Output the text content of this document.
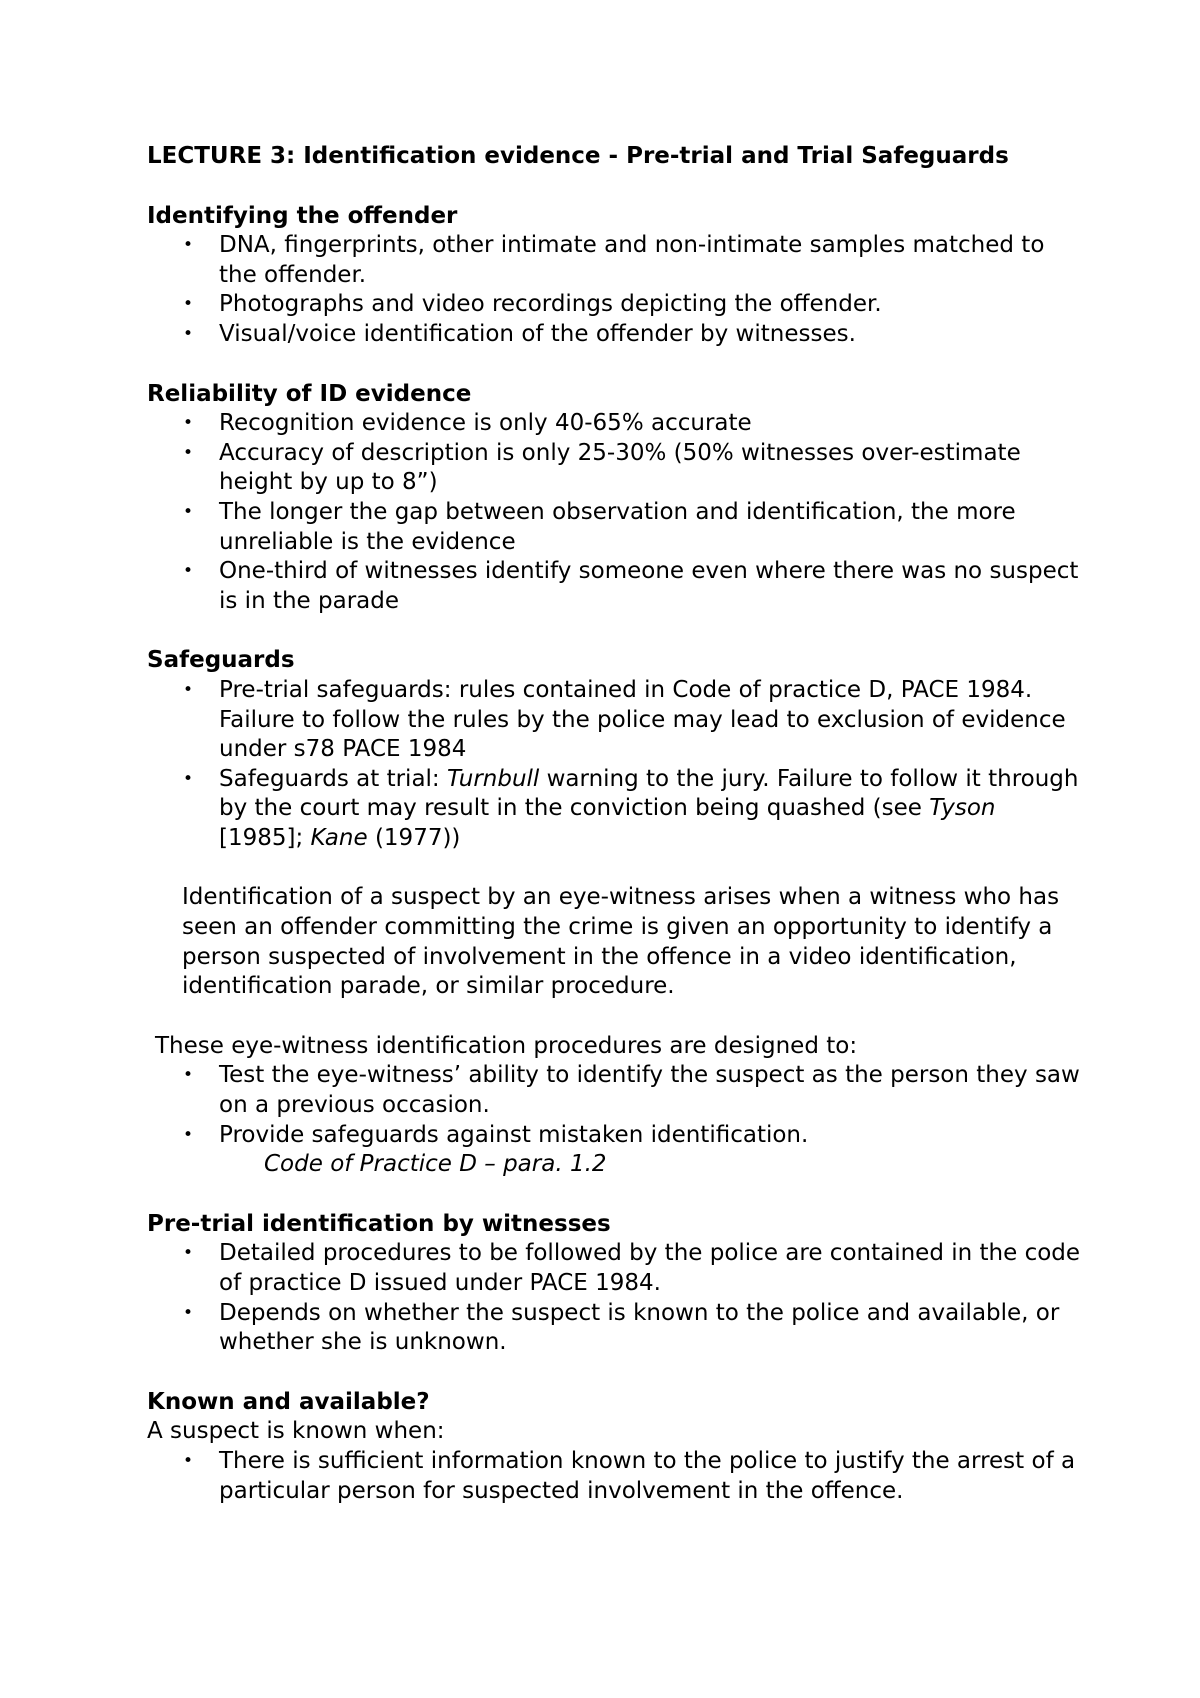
LECTURE 3: Identification evidence - Pre-trial and Trial Safeguards

Identifying the offender

• DNA, fingerprints, other intimate and non-intimate samples matched to the offender.
• Photographs and video recordings depicting the offender.
• Visual/voice identification of the offender by witnesses.

Reliability of ID evidence

• Recognition evidence is only 40-65% accurate
• Accuracy of description is only 25-30% (50% witnesses over-estimate height by up to 8”)
• The longer the gap between observation and identification, the more unreliable is the evidence
• One-third of witnesses identify someone even where there was no suspect is in the parade

Safeguards

• Pre-trial safeguards: rules contained in Code of practice D, PACE 1984. Failure to follow the rules by the police may lead to exclusion of evidence under s78 PACE 1984
• Safeguards at trial: Turnbull warning to the jury. Failure to follow it through by the court may result in the conviction being quashed (see Tyson [1985]; Kane (1977))

Identification of a suspect by an eye-witness arises when a witness who has seen an offender committing the crime is given an opportunity to identify a person suspected of involvement in the offence in a video identification, identification parade, or similar procedure.

These eye-witness identification procedures are designed to:

• Test the eye-witness’ ability to identify the suspect as the person they saw on a previous occasion.
• Provide safeguards against mistaken identification.

Code of Practice D – para. 1.2

Pre-trial identification by witnesses

• Detailed procedures to be followed by the police are contained in the code of practice D issued under PACE 1984.
• Depends on whether the suspect is known to the police and available, or whether she is unknown.

Known and available?

A suspect is known when:

• There is sufficient information known to the police to justify the arrest of a particular person for suspected involvement in the offence.
